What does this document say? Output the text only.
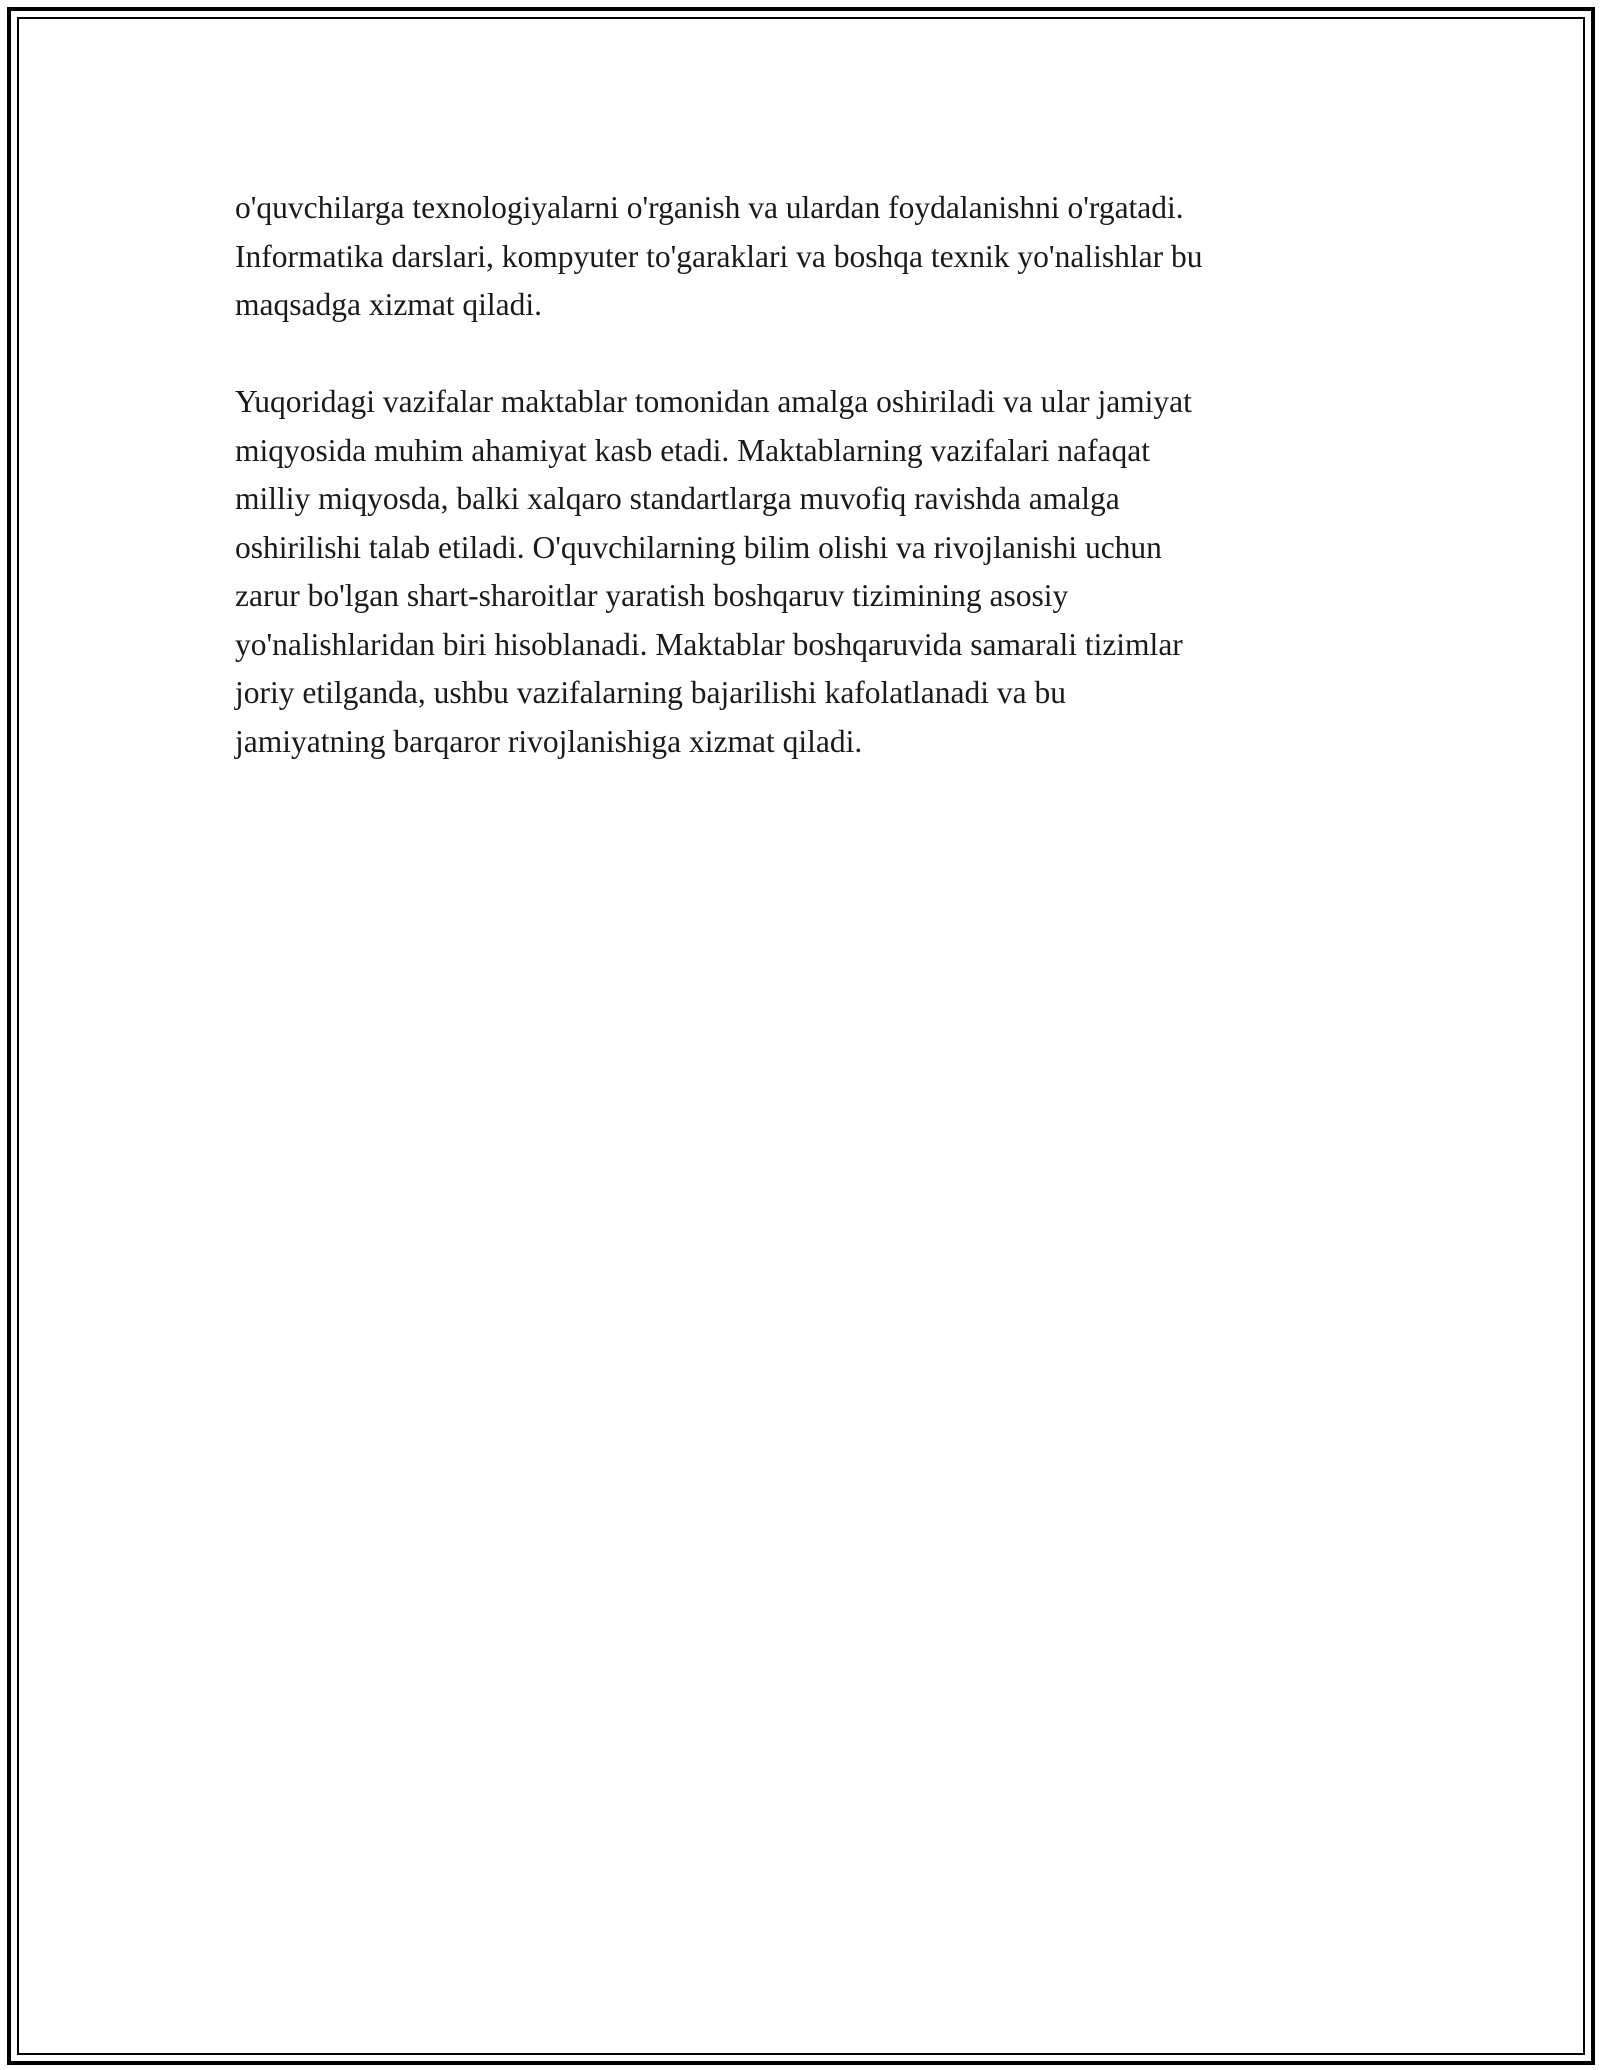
o'quvchilarga texnologiyalarni o'rganish va ulardan foydalanishni o'rgatadi.
Informatika darslari, kompyuter to'garaklari va boshqa texnik yo'nalishlar bu
maqsadga xizmat qiladi.

Yuqoridagi vazifalar maktablar tomonidan amalga oshiriladi va ular jamiyat
miqyosida muhim ahamiyat kasb etadi. Maktablarning vazifalari nafaqat
milliy miqyosda, balki xalqaro standartlarga muvofiq ravishda amalga
oshirilishi talab etiladi. O'quvchilarning bilim olishi va rivojlanishi uchun
zarur bo'lgan shart-sharoitlar yaratish boshqaruv tizimining asosiy
yo'nalishlaridan biri hisoblanadi. Maktablar boshqaruvida samarali tizimlar
joriy etilganda, ushbu vazifalarning bajarilishi kafolatlanadi va bu
jamiyatning barqaror rivojlanishiga xizmat qiladi.
